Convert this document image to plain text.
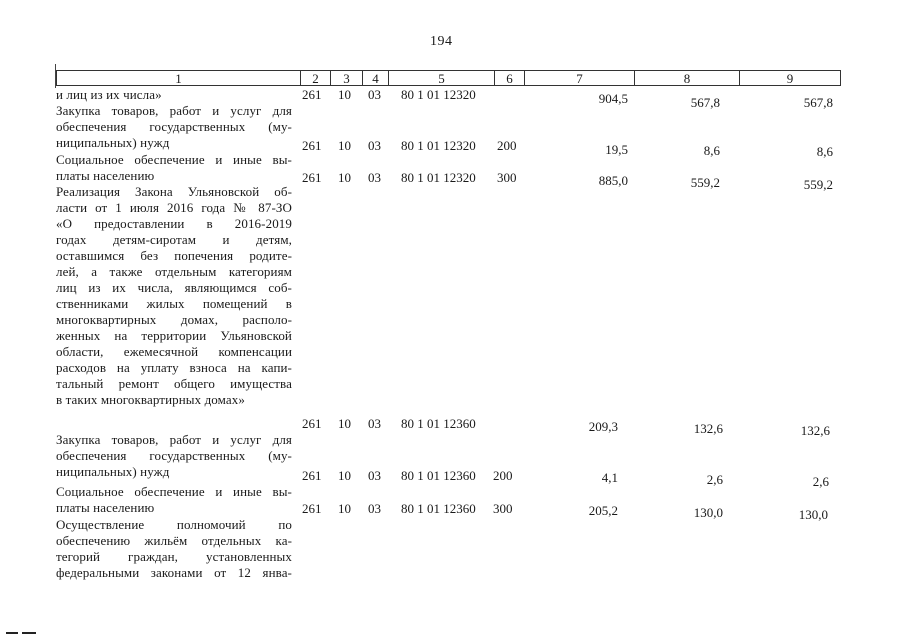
194
1	2	3	4	5	6	7	8	9
и лиц из их числа»	261 10 03 80 1 01 12320	904,5	567,8	567,8
Закупка товаров, работ и услуг для
обеспечения государственных (му-
ниципальных) нужд	261 10 03 80 1 01 12320 200	19,5	8,6	8,6
Социальное обеспечение и иные вы-
платы населению	261 10 03 80 1 01 12320 300	885,0	559,2	559,2
Реализация Закона Ульяновской об-
ласти от 1 июля 2016 года № 87-ЗО
«О предоставлении в 2016-2019
годах детям-сиротам и детям,
оставшимся без попечения родите-
лей, а также отдельным категориям
лиц из их числа, являющимся соб-
ственниками жилых помещений в
многоквартирных домах, располо-
женных на территории Ульяновской
области, ежемесячной компенсации
расходов на уплату взноса на капи-
тальный ремонт общего имущества
в таких многоквартирных домах»
261 10 03 80 1 01 12360	209,3	132,6	132,6
Закупка товаров, работ и услуг для
обеспечения государственных (му-
ниципальных) нужд	261 10 03 80 1 01 12360 200	4,1	2,6	2,6
Социальное обеспечение и иные вы-
платы населению	261 10 03 80 1 01 12360 300	205,2	130,0	130,0
Осуществление полномочий по
обеспечению жильём отдельных ка-
тегорий граждан, установленных
федеральными законами от 12 янва-
